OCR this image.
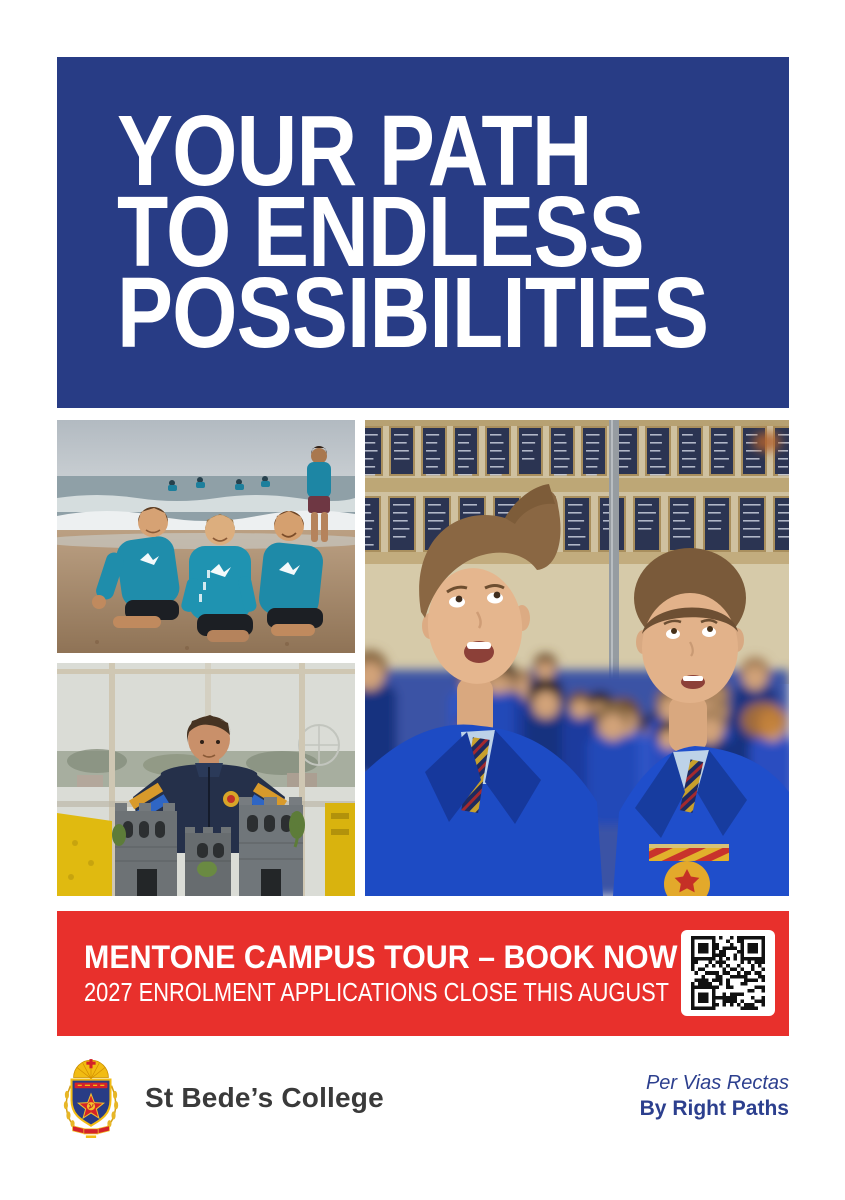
YOUR PATH
TO ENDLESS
POSSIBILITIES
MENTONE CAMPUS TOUR – BOOK NOW
2027 ENROLMENT APPLICATIONS CLOSE THIS AUGUST
St Bede’s College	Per Vias Rectas
By Right Paths
